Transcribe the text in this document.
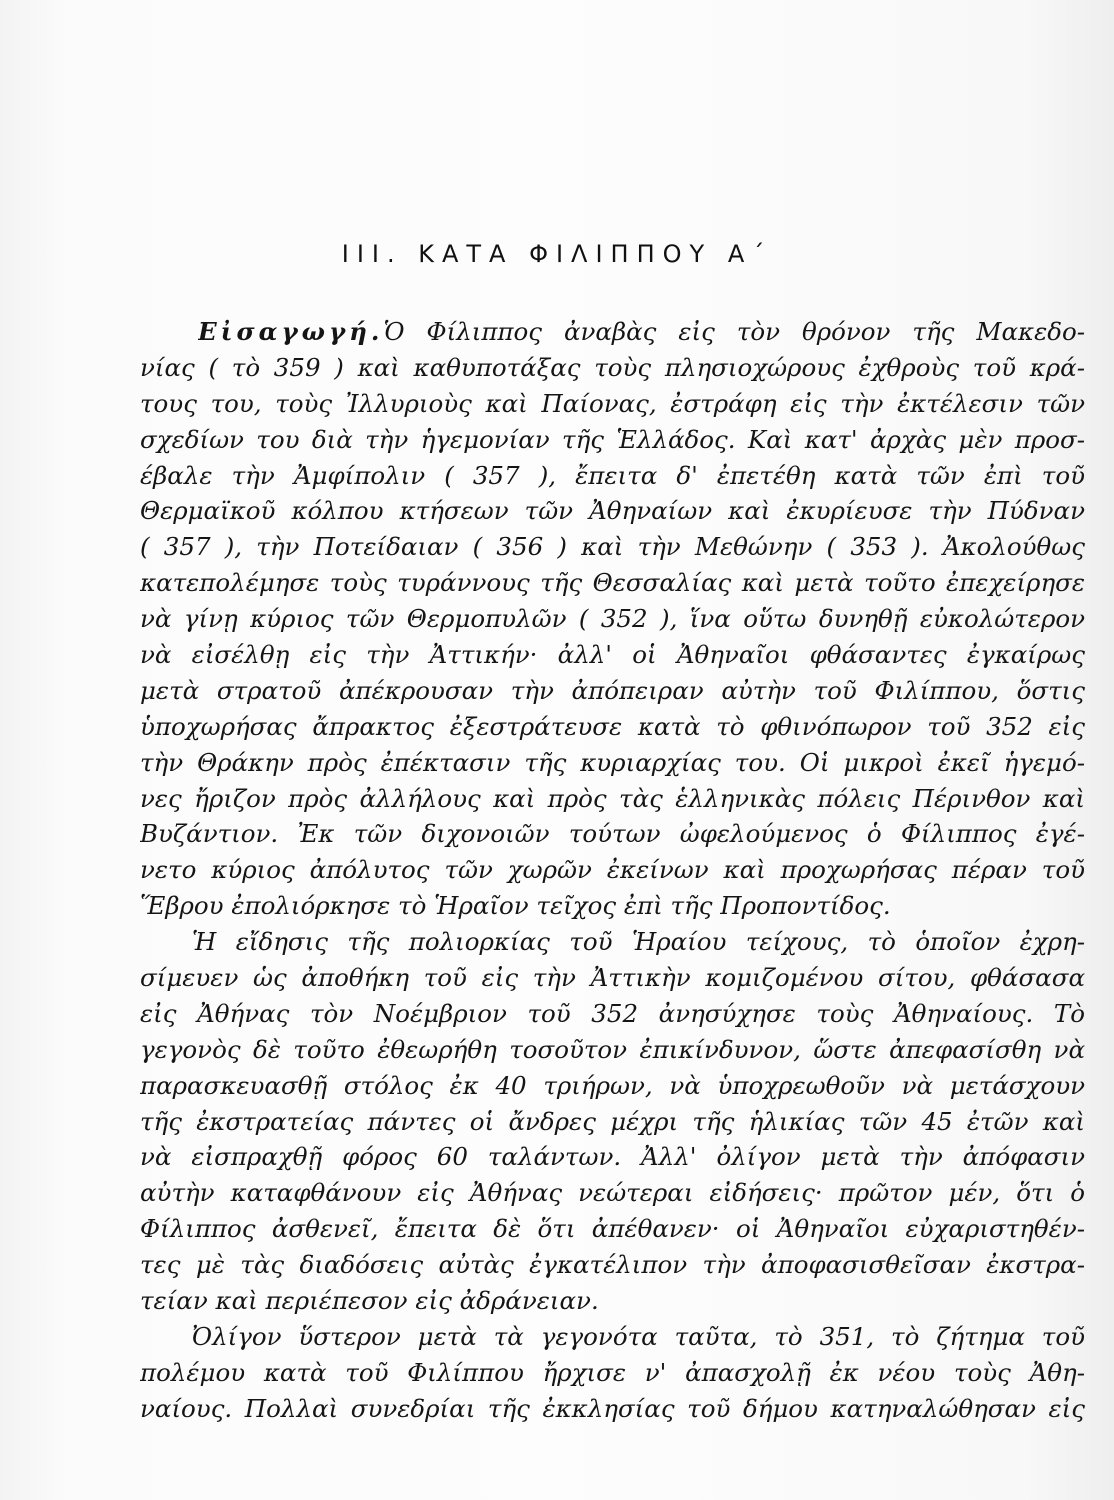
III. ΚΑΤΑ ΦΙΛΙΠΠΟΥ Α΄
Εἰσαγωγή.Ὁ Φίλιππος ἀναβὰς εἰς τὸν θρόνον τῆς Μακεδο-
νίας ( τὸ 359 ) καὶ καθυποτάξας τοὺς πλησιοχώρους ἐχθροὺς τοῦ κρά-
τους του, τοὺς Ἰλλυριοὺς καὶ Παίονας, ἐστράφη εἰς τὴν ἐκτέλεσιν τῶν
σχεδίων του διὰ τὴν ἡγεμονίαν τῆς Ἑλλάδος. Καὶ κατ' ἀρχὰς μὲν προσ-
έβαλε τὴν Ἀμφίπολιν ( 357 ), ἔπειτα δ' ἐπετέθη κατὰ τῶν ἐπὶ τοῦ
Θερμαϊκοῦ κόλπου κτήσεων τῶν Ἀθηναίων καὶ ἐκυρίευσε τὴν Πύδναν
( 357 ), τὴν Ποτείδαιαν ( 356 ) καὶ τὴν Μεθώνην ( 353 ). Ἀκολούθως
κατεπολέμησε τοὺς τυράννους τῆς Θεσσαλίας καὶ μετὰ τοῦτο ἐπεχείρησε
νὰ γίνῃ κύριος τῶν Θερμοπυλῶν ( 352 ), ἵνα οὕτω δυνηθῇ εὐκολώτερον
νὰ εἰσέλθῃ εἰς τὴν Ἀττικήν· ἀλλ' οἱ Ἀθηναῖοι φθάσαντες ἐγκαίρως
μετὰ στρατοῦ ἀπέκρουσαν τὴν ἀπόπειραν αὐτὴν τοῦ Φιλίππου, ὅστις
ὑποχωρήσας ἄπρακτος ἐξεστράτευσε κατὰ τὸ φθινόπωρον τοῦ 352 εἰς
τὴν Θράκην πρὸς ἐπέκτασιν τῆς κυριαρχίας του. Οἱ μικροὶ ἐκεῖ ἡγεμό-
νες ἤριζον πρὸς ἀλλήλους καὶ πρὸς τὰς ἑλληνικὰς πόλεις Πέρινθον καὶ
Βυζάντιον. Ἐκ τῶν διχονοιῶν τούτων ὠφελούμενος ὁ Φίλιππος ἐγέ-
νετο κύριος ἀπόλυτος τῶν χωρῶν ἐκείνων καὶ προχωρήσας πέραν τοῦ
Ἕβρου ἐπολιόρκησε τὸ Ἡραῖον τεῖχος ἐπὶ τῆς Προποντίδος.
Ἡ εἴδησις τῆς πολιορκίας τοῦ Ἡραίου τείχους, τὸ ὁποῖον ἐχρη-
σίμευεν ὡς ἀποθήκη τοῦ εἰς τὴν Ἀττικὴν κομιζομένου σίτου, φθάσασα
εἰς Ἀθήνας τὸν Νοέμβριον τοῦ 352 ἀνησύχησε τοὺς Ἀθηναίους. Τὸ
γεγονὸς δὲ τοῦτο ἐθεωρήθη τοσοῦτον ἐπικίνδυνον, ὥστε ἀπεφασίσθη νὰ
παρασκευασθῇ στόλος ἐκ 40 τριήρων, νὰ ὑποχρεωθοῦν νὰ μετάσχουν
τῆς ἐκστρατείας πάντες οἱ ἄνδρες μέχρι τῆς ἡλικίας τῶν 45 ἐτῶν καὶ
νὰ εἰσπραχθῇ φόρος 60 ταλάντων. Ἀλλ' ὀλίγον μετὰ τὴν ἀπόφασιν
αὐτὴν καταφθάνουν εἰς Ἀθήνας νεώτεραι εἰδήσεις· πρῶτον μέν, ὅτι ὁ
Φίλιππος ἀσθενεῖ, ἔπειτα δὲ ὅτι ἀπέθανεν· οἱ Ἀθηναῖοι εὐχαριστηθέν-
τες μὲ τὰς διαδόσεις αὐτὰς ἐγκατέλιπον τὴν ἀποφασισθεῖσαν ἐκστρα-
τείαν καὶ περιέπεσον εἰς ἀδράνειαν.
Ὀλίγον ὕστερον μετὰ τὰ γεγονότα ταῦτα, τὸ 351, τὸ ζήτημα τοῦ
πολέμου κατὰ τοῦ Φιλίππου ἤρχισε ν' ἀπασχολῇ ἐκ νέου τοὺς Ἀθη-
ναίους. Πολλαὶ συνεδρίαι τῆς ἐκκλησίας τοῦ δήμου κατηναλώθησαν εἰς
